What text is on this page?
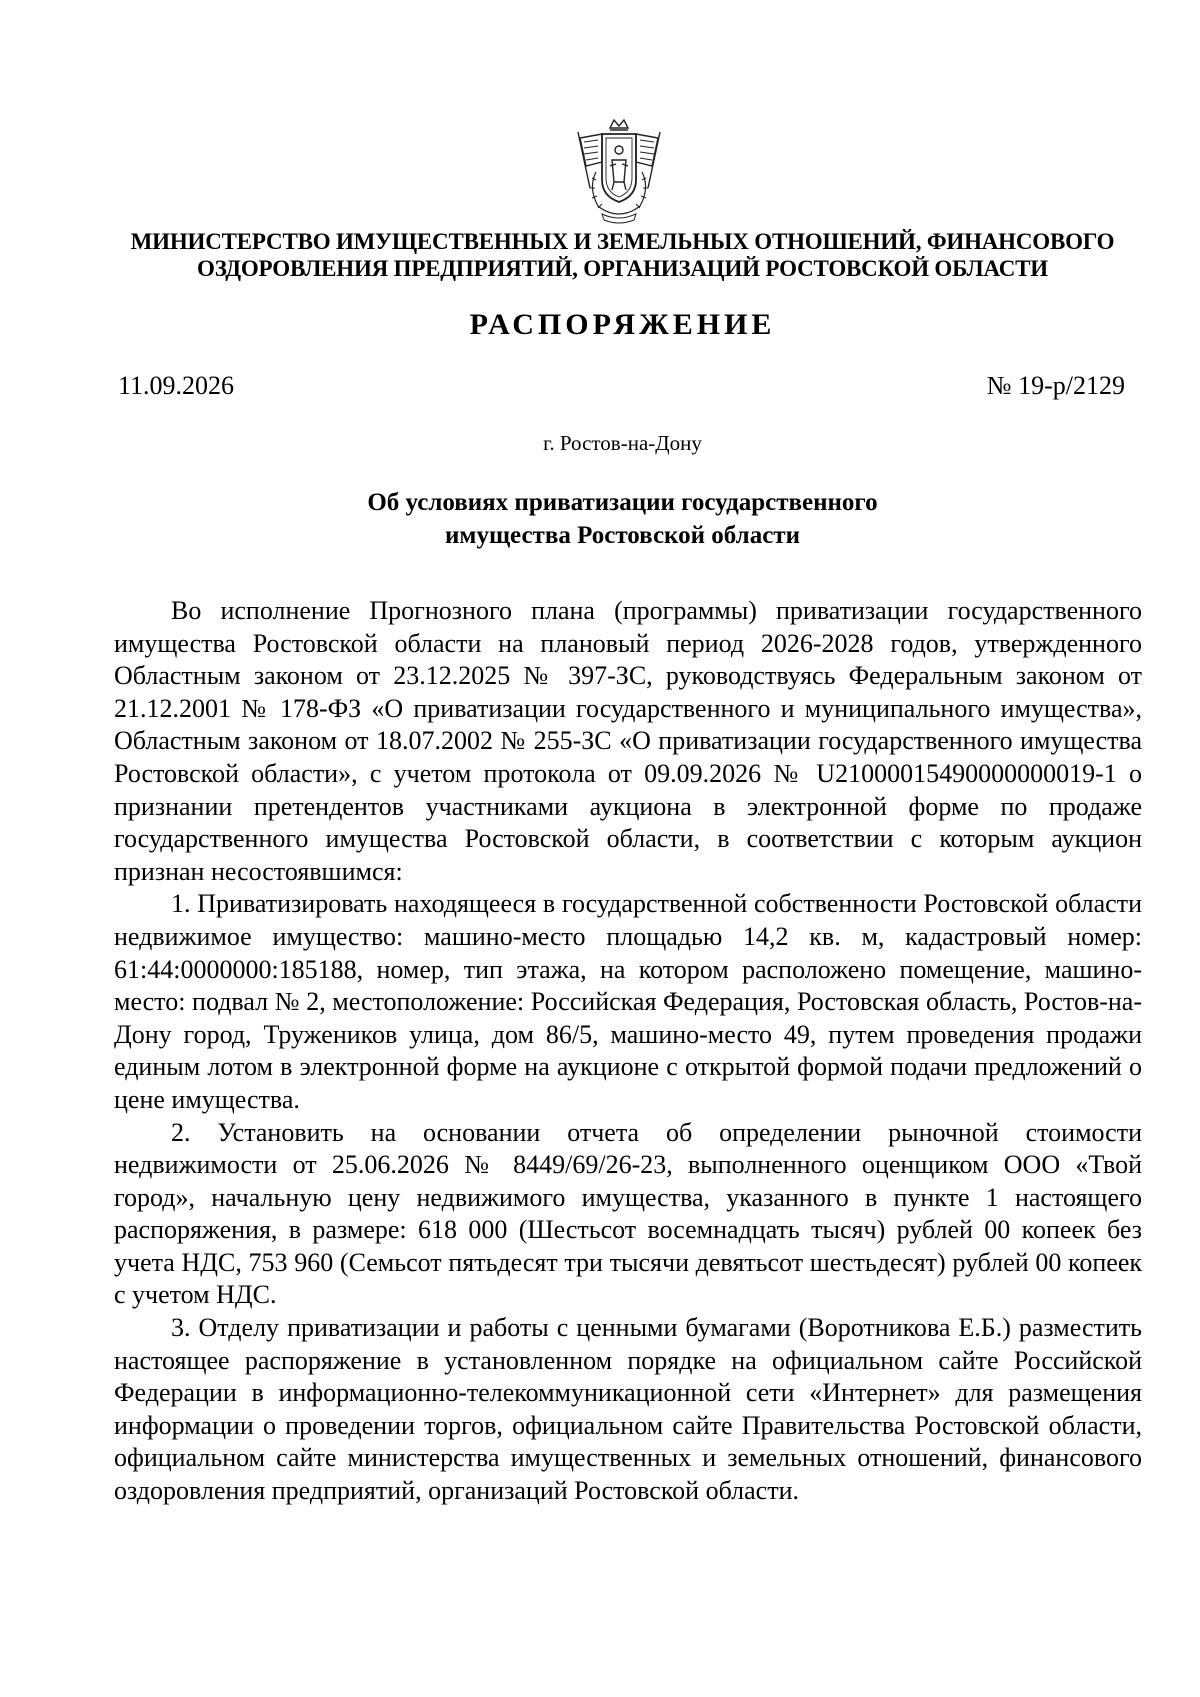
МИНИСТЕРСТВО ИМУЩЕСТВЕННЫХ И ЗЕМЕЛЬНЫХ ОТНОШЕНИЙ, ФИНАНСОВОГО
ОЗДОРОВЛЕНИЯ ПРЕДПРИЯТИЙ, ОРГАНИЗАЦИЙ РОСТОВСКОЙ ОБЛАСТИ
РАСПОРЯЖЕНИЕ
11.09.2026	№ 19-р/2129
г. Ростов-на-Дону
Об условиях приватизации государственного
имущества Ростовской области

Во исполнение Прогнозного плана (программы) приватизации государственного имущества Ростовской области на плановый период 2026-2028 годов, утвержденного Областным законом от 23.12.2025 № 397-ЗС, руководствуясь Федеральным законом от 21.12.2001 № 178-ФЗ «О приватизации государственного и муниципального имущества», Областным законом от 18.07.2002 № 255-ЗС «О приватизации государственного имущества Ростовской области», с учетом протокола от 09.09.2026 № U21000015490000000019-1 о признании претендентов участниками аукциона в электронной форме по продаже государственного имущества Ростовской области, в соответствии с которым аукцион признан несостоявшимся:

1. Приватизировать находящееся в государственной собственности Ростовской области недвижимое имущество: машино-место площадью 14,2 кв. м, кадастровый номер: 61:44:0000000:185188, номер, тип этажа, на котором расположено помещение, машино-место: подвал № 2, местоположение: Российская Федерация, Ростовская область, Ростов-на-Дону город, Тружеников улица, дом 86/5, машино-место 49, путем проведения продажи единым лотом в электронной форме на аукционе с открытой формой подачи предложений о цене имущества.

2. Установить на основании отчета об определении рыночной стоимости недвижимости от 25.06.2026 № 8449/69/26-23, выполненного оценщиком ООО «Твой город», начальную цену недвижимого имущества, указанного в пункте 1 настоящего распоряжения, в размере: 618 000 (Шестьсот восемнадцать тысяч) рублей 00 копеек без учета НДС, 753 960 (Семьсот пятьдесят три тысячи девятьсот шестьдесят) рублей 00 копеек с учетом НДС.

3. Отделу приватизации и работы с ценными бумагами (Воротникова Е.Б.) разместить настоящее распоряжение в установленном порядке на официальном сайте Российской Федерации в информационно-телекоммуникационной сети «Интернет» для размещения информации о проведении торгов, официальном сайте Правительства Ростовской области, официальном сайте министерства имущественных и земельных отношений, финансового оздоровления предприятий, организаций Ростовской области.
